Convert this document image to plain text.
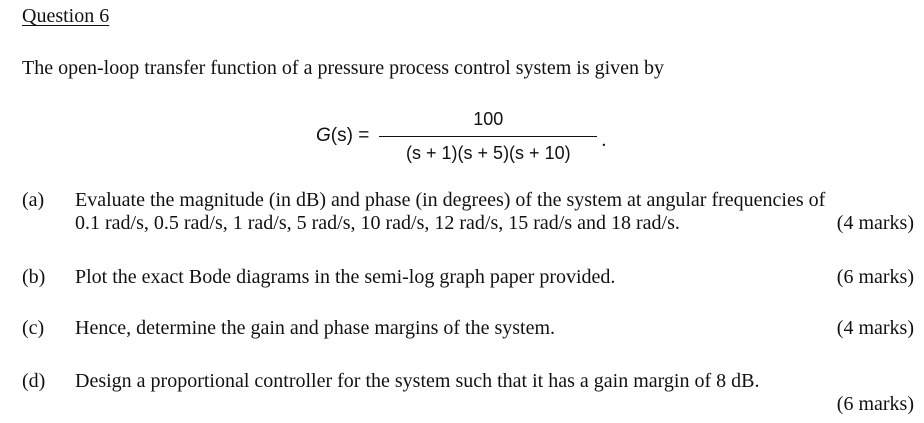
Question 6
The open-loop transfer function of a pressure process control system is given by
$G(s) = \frac{100}{(s + 1)(s + 5)(s + 10)}$ .
(a) Evaluate the magnitude (in dB) and phase (in degrees) of the system at angular frequencies of
0.1 rad/s, 0.5 rad/s, 1 rad/s, 5 rad/s, 10 rad/s, 12 rad/s, 15 rad/s and 18 rad/s.	(4 marks)
(b) Plot the exact Bode diagrams in the semi-log graph paper provided.	(6 marks)
(c) Hence, determine the gain and phase margins of the system.	(4 marks)
(d) Design a proportional controller for the system such that it has a gain margin of 8 dB.
(6 marks)
